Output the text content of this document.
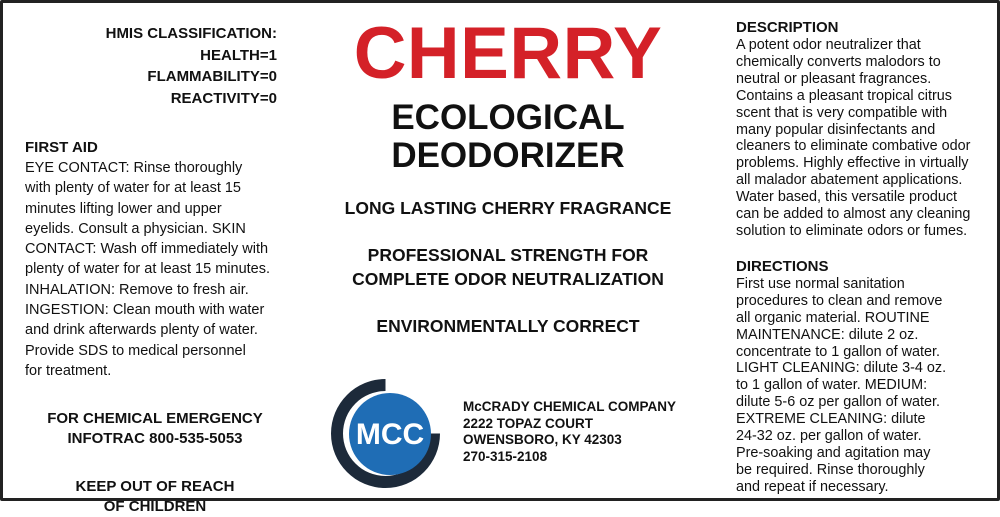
HMIS CLASSIFICATION:
HEALTH=1
FLAMMABILITY=0
REACTIVITY=0
FIRST AID
EYE CONTACT: Rinse thoroughly
with plenty of water for at least 15
minutes lifting lower and upper
eyelids. Consult a physician. SKIN
CONTACT: Wash off immediately with
plenty of water for at least 15 minutes.
INHALATION: Remove to fresh air.
INGESTION: Clean mouth with water
and drink afterwards plenty of water.
Provide SDS to medical personnel
for treatment.
FOR CHEMICAL EMERGENCY
INFOTRAC 800-535-5053
KEEP OUT OF REACH
OF CHILDREN
CHERRY
ECOLOGICAL
DEODORIZER
LONG LASTING CHERRY FRAGRANCE
PROFESSIONAL STRENGTH FOR
COMPLETE ODOR NEUTRALIZATION
ENVIRONMENTALLY CORRECT
MCC
McCRADY CHEMICAL COMPANY
2222 TOPAZ COURT
OWENSBORO, KY 42303
270-315-2108
DESCRIPTION
A potent odor neutralizer that
chemically converts malodors to
neutral or pleasant fragrances.
Contains a pleasant tropical citrus
scent that is very compatible with
many popular disinfectants and
cleaners to eliminate combative odor
problems. Highly effective in virtually
all malador abatement applications.
Water based, this versatile product
can be added to almost any cleaning
solution to eliminate odors or fumes.
DIRECTIONS
First use normal sanitation
procedures to clean and remove
all organic material. ROUTINE
MAINTENANCE: dilute 2 oz.
concentrate to 1 gallon of water.
LIGHT CLEANING: dilute 3-4 oz.
to 1 gallon of water. MEDIUM:
dilute 5-6 oz per gallon of water.
EXTREME CLEANING: dilute
24-32 oz. per gallon of water.
Pre-soaking and agitation may
be required. Rinse thoroughly
and repeat if necessary.
